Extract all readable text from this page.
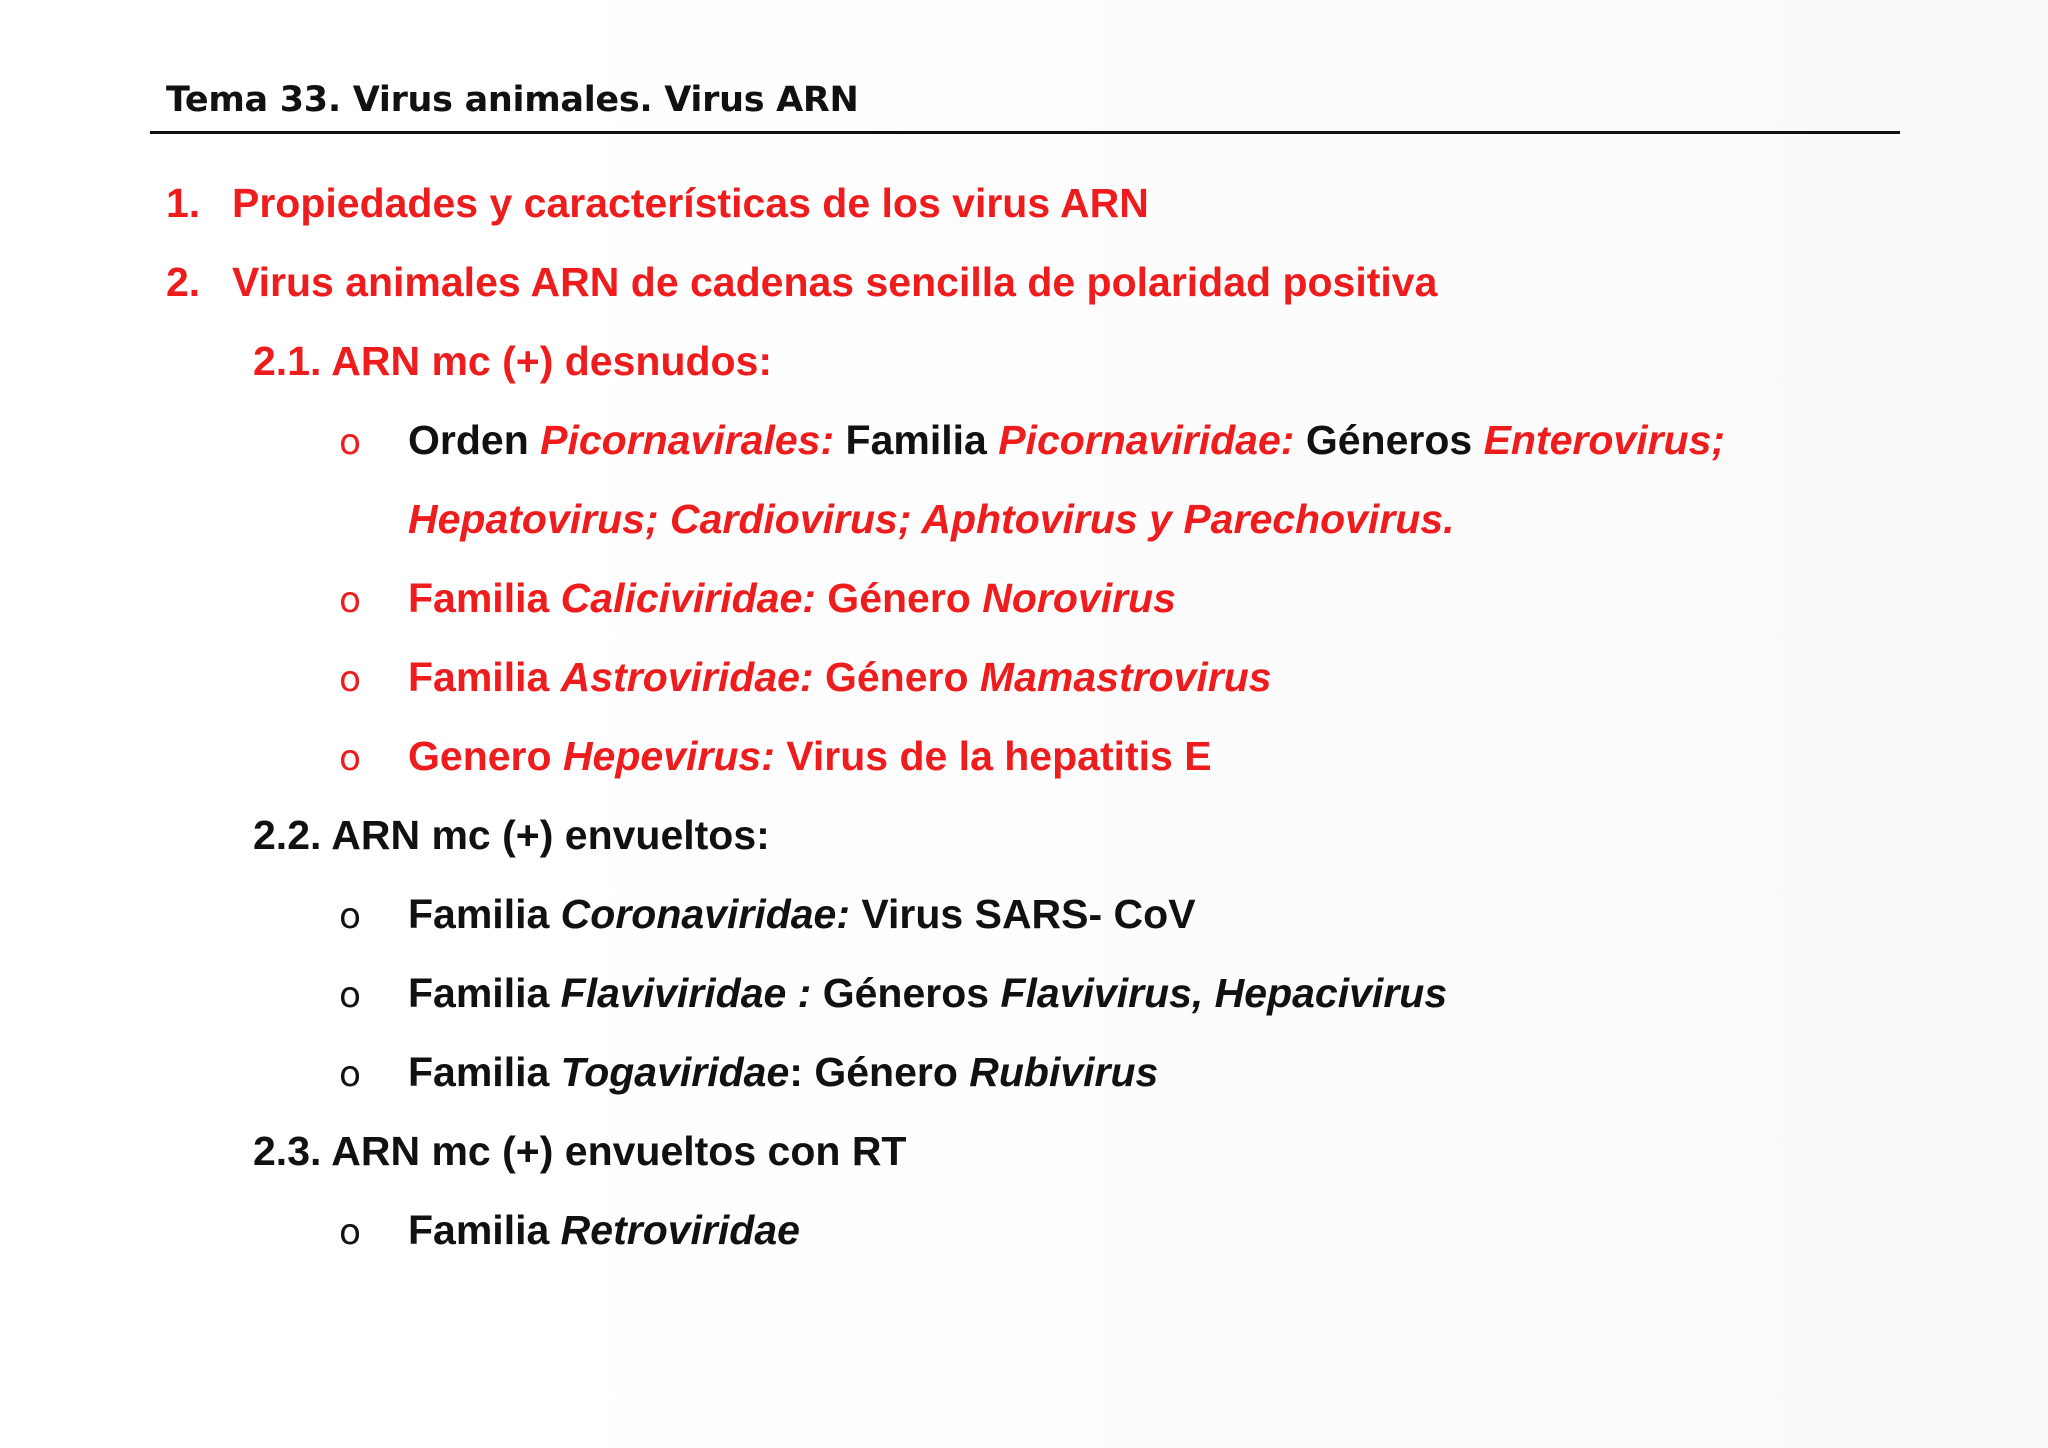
Tema 33. Virus animales. Virus ARN
1. Propiedades y características de los virus ARN
2. Virus animales ARN de cadenas sencilla de polaridad positiva
2.1. ARN mc (+) desnudos:
o Orden Picornavirales: Familia Picornaviridae: Géneros Enterovirus;
Hepatovirus; Cardiovirus; Aphtovirus y Parechovirus.
o Familia Caliciviridae: Género Norovirus
o Familia Astroviridae: Género Mamastrovirus
o Genero Hepevirus: Virus de la hepatitis E
2.2. ARN mc (+) envueltos:
o Familia Coronaviridae: Virus SARS- CoV
o Familia Flaviviridae : Géneros Flavivirus, Hepacivirus
o Familia Togaviridae: Género Rubivirus
2.3. ARN mc (+) envueltos con RT
o Familia Retroviridae
